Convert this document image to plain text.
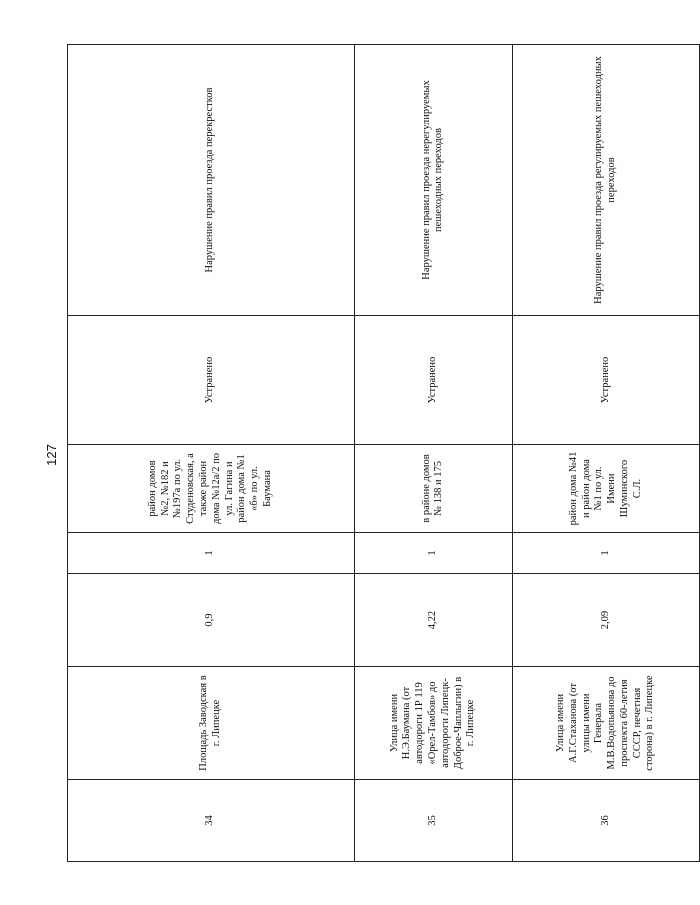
127
34	Площадь Заводская в г. Липецке	0,9	1	район домов №2, №182 и №197а по ул. Студеновская, а также район дома №12а/2 по ул. Гагина и район дома №1 «б» по ул. Баумана	Устранено	Нарушение правил проезда перекрестков	
35	Улица имени Н.Э.Баумана (от автодороги 1Р 119 «Орел-Тамбов» до автодороги Липецк-Доброе-Чаплыгин) в г. Липецке	4,22	1	в районе домов № 138 и 175	Устранено	Нарушение правил проезда нерегулируемых пешеходных переходов	
36	Улица имени А.Г.Стаханова (от улицы имени Генерала М.В.Водопьянова до проспекта 60-летия СССР, нечетная сторона) в г. Липецке	2,09	1	район дома №41 и район дома №1 по ул. Имени Шуминского С.Л.	Устранено	Нарушение правил проезда регулируемых пешеходных переходов	
